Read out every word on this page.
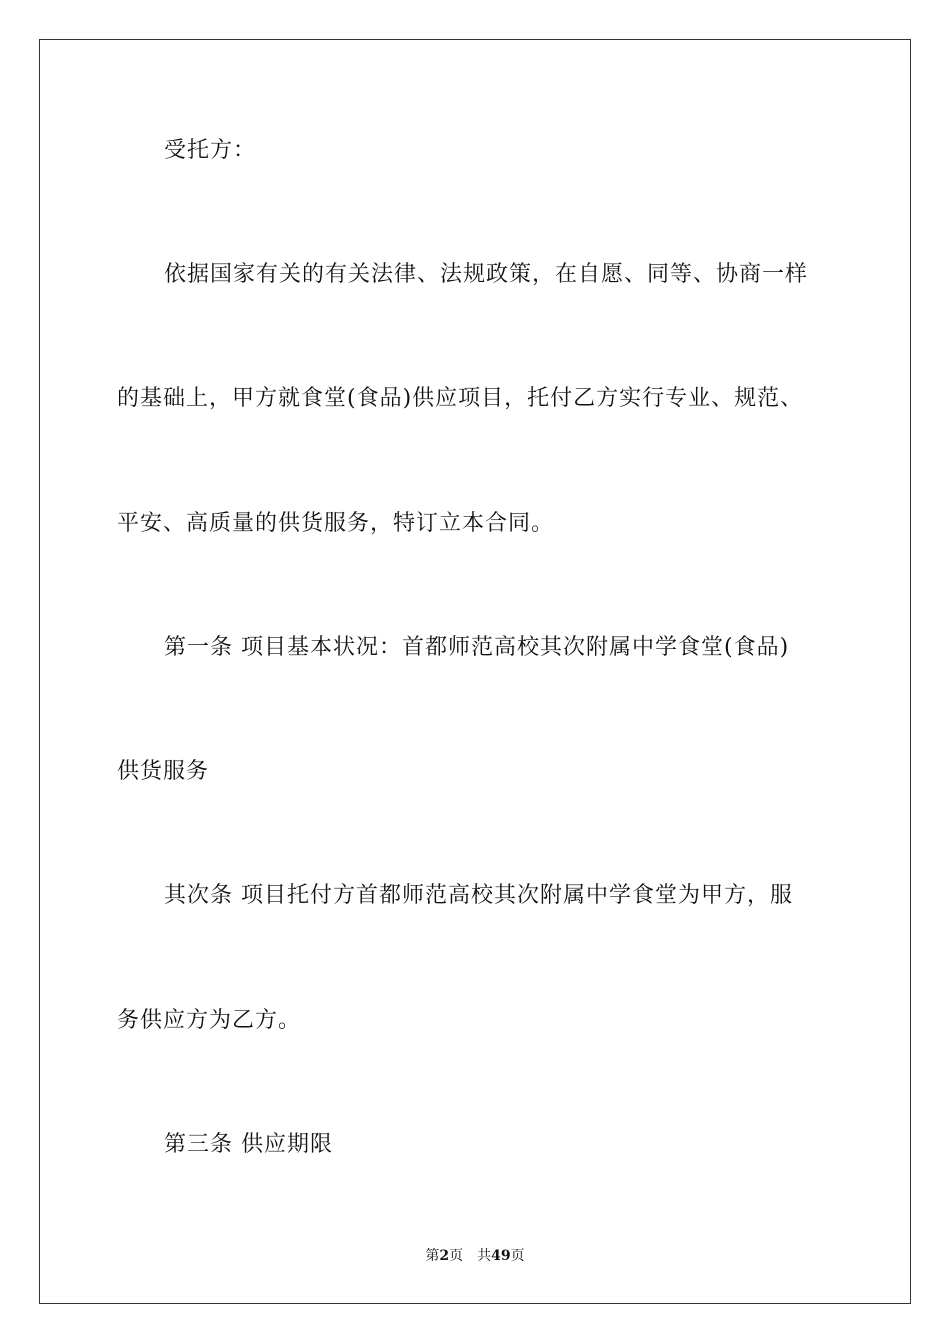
受托方：
依据国家有关的有关法律、法规政策，在自愿、同等、协商一样
的基础上，甲方就食堂(食品)供应项目，托付乙方实行专业、规范、
平安、高质量的供货服务，特订立本合同。
第一条 项目基本状况：首都师范高校其次附属中学食堂(食品)
供货服务
其次条 项目托付方首都师范高校其次附属中学食堂为甲方，服
务供应方为乙方。
第三条 供应期限
第2页 共49页
